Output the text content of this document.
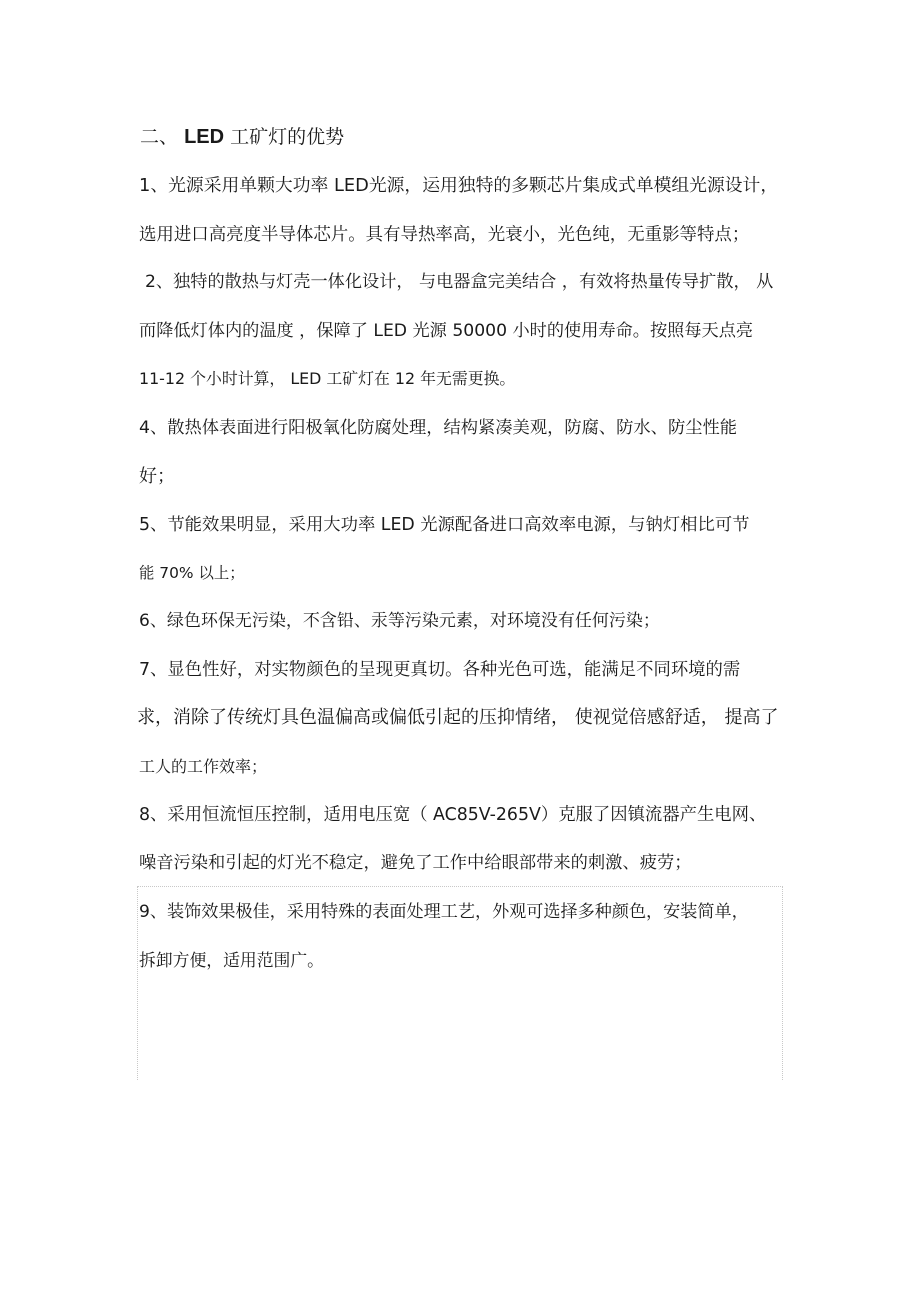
二、 LED 工矿灯的优势
1、光源采用单颗大功率 LED光源，运用独特的多颗芯片集成式单模组光源设计，
选用进口高亮度半导体芯片。具有导热率高，光衰小，光色纯，无重影等特点；
2、独特的散热与灯壳一体化设计， 与电器盒完美结合 ，有效将热量传导扩散， 从
而降低灯体内的温度 ，保障了 LED 光源 50000 小时的使用寿命。按照每天点亮
11-12 个小时计算， LED 工矿灯在 12 年无需更换。
4、散热体表面进行阳极氧化防腐处理，结构紧凑美观，防腐、防水、防尘性能
好；
5、节能效果明显，采用大功率 LED 光源配备进口高效率电源，与钠灯相比可节
能 70% 以上；
6、绿色环保无污染，不含铅、汞等污染元素，对环境没有任何污染；
7、显色性好，对实物颜色的呈现更真切。各种光色可选，能满足不同环境的需
求，消除了传统灯具色温偏高或偏低引起的压抑情绪， 使视觉倍感舒适， 提高了
工人的工作效率；
8、采用恒流恒压控制，适用电压宽（ AC85V-265V）克服了因镇流器产生电网、
噪音污染和引起的灯光不稳定，避免了工作中给眼部带来的刺激、疲劳；
9、装饰效果极佳，采用特殊的表面处理工艺，外观可选择多种颜色，安装简单，
拆卸方便，适用范围广。
